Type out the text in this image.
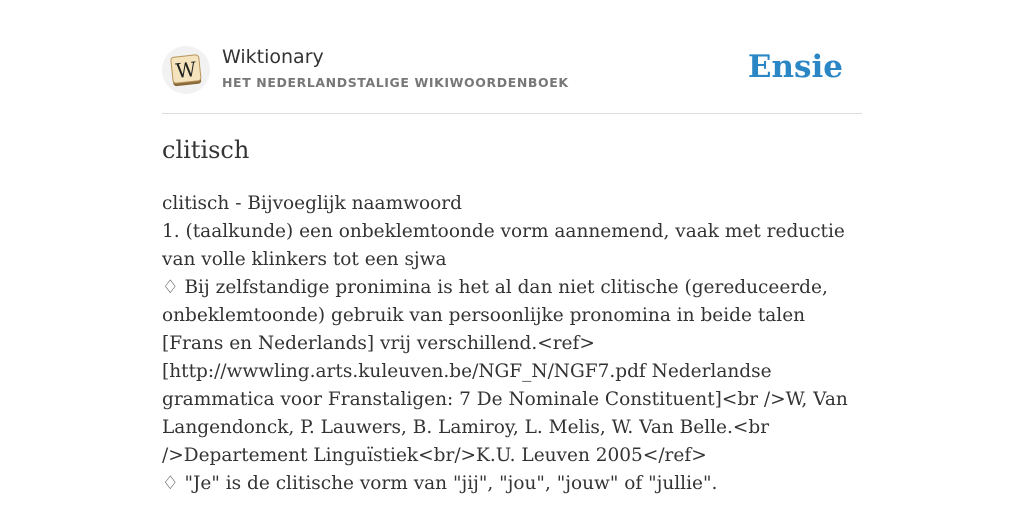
W Wiktionary
HET NEDERLANDSTALIGE WIKIWOORDENBOEK	Ensie
clitisch

clitisch - Bijvoeglijk naamwoord

1. (taalkunde) een onbeklemtoonde vorm aannemend, vaak met reductie van volle klinkers tot een sjwa

♢ Bij zelfstandige pronimina is het al dan niet clitische (gereduceerde, onbeklemtoonde) gebruik van persoonlijke pronomina in beide talen [Frans en Nederlands] vrij verschillend.<ref>[http://wwwling.arts.kuleuven.be/NGF_N/NGF7.pdf Nederlandse grammatica voor Franstaligen: 7 De Nominale Constituent]<br />W, Van Langendonck, P. Lauwers, B. Lamiroy, L. Melis, W. Van Belle.<br />Departement Linguïstiek<br/>K.U. Leuven 2005</ref>

♢ "Je" is de clitische vorm van "jij", "jou", "jouw" of "jullie".
